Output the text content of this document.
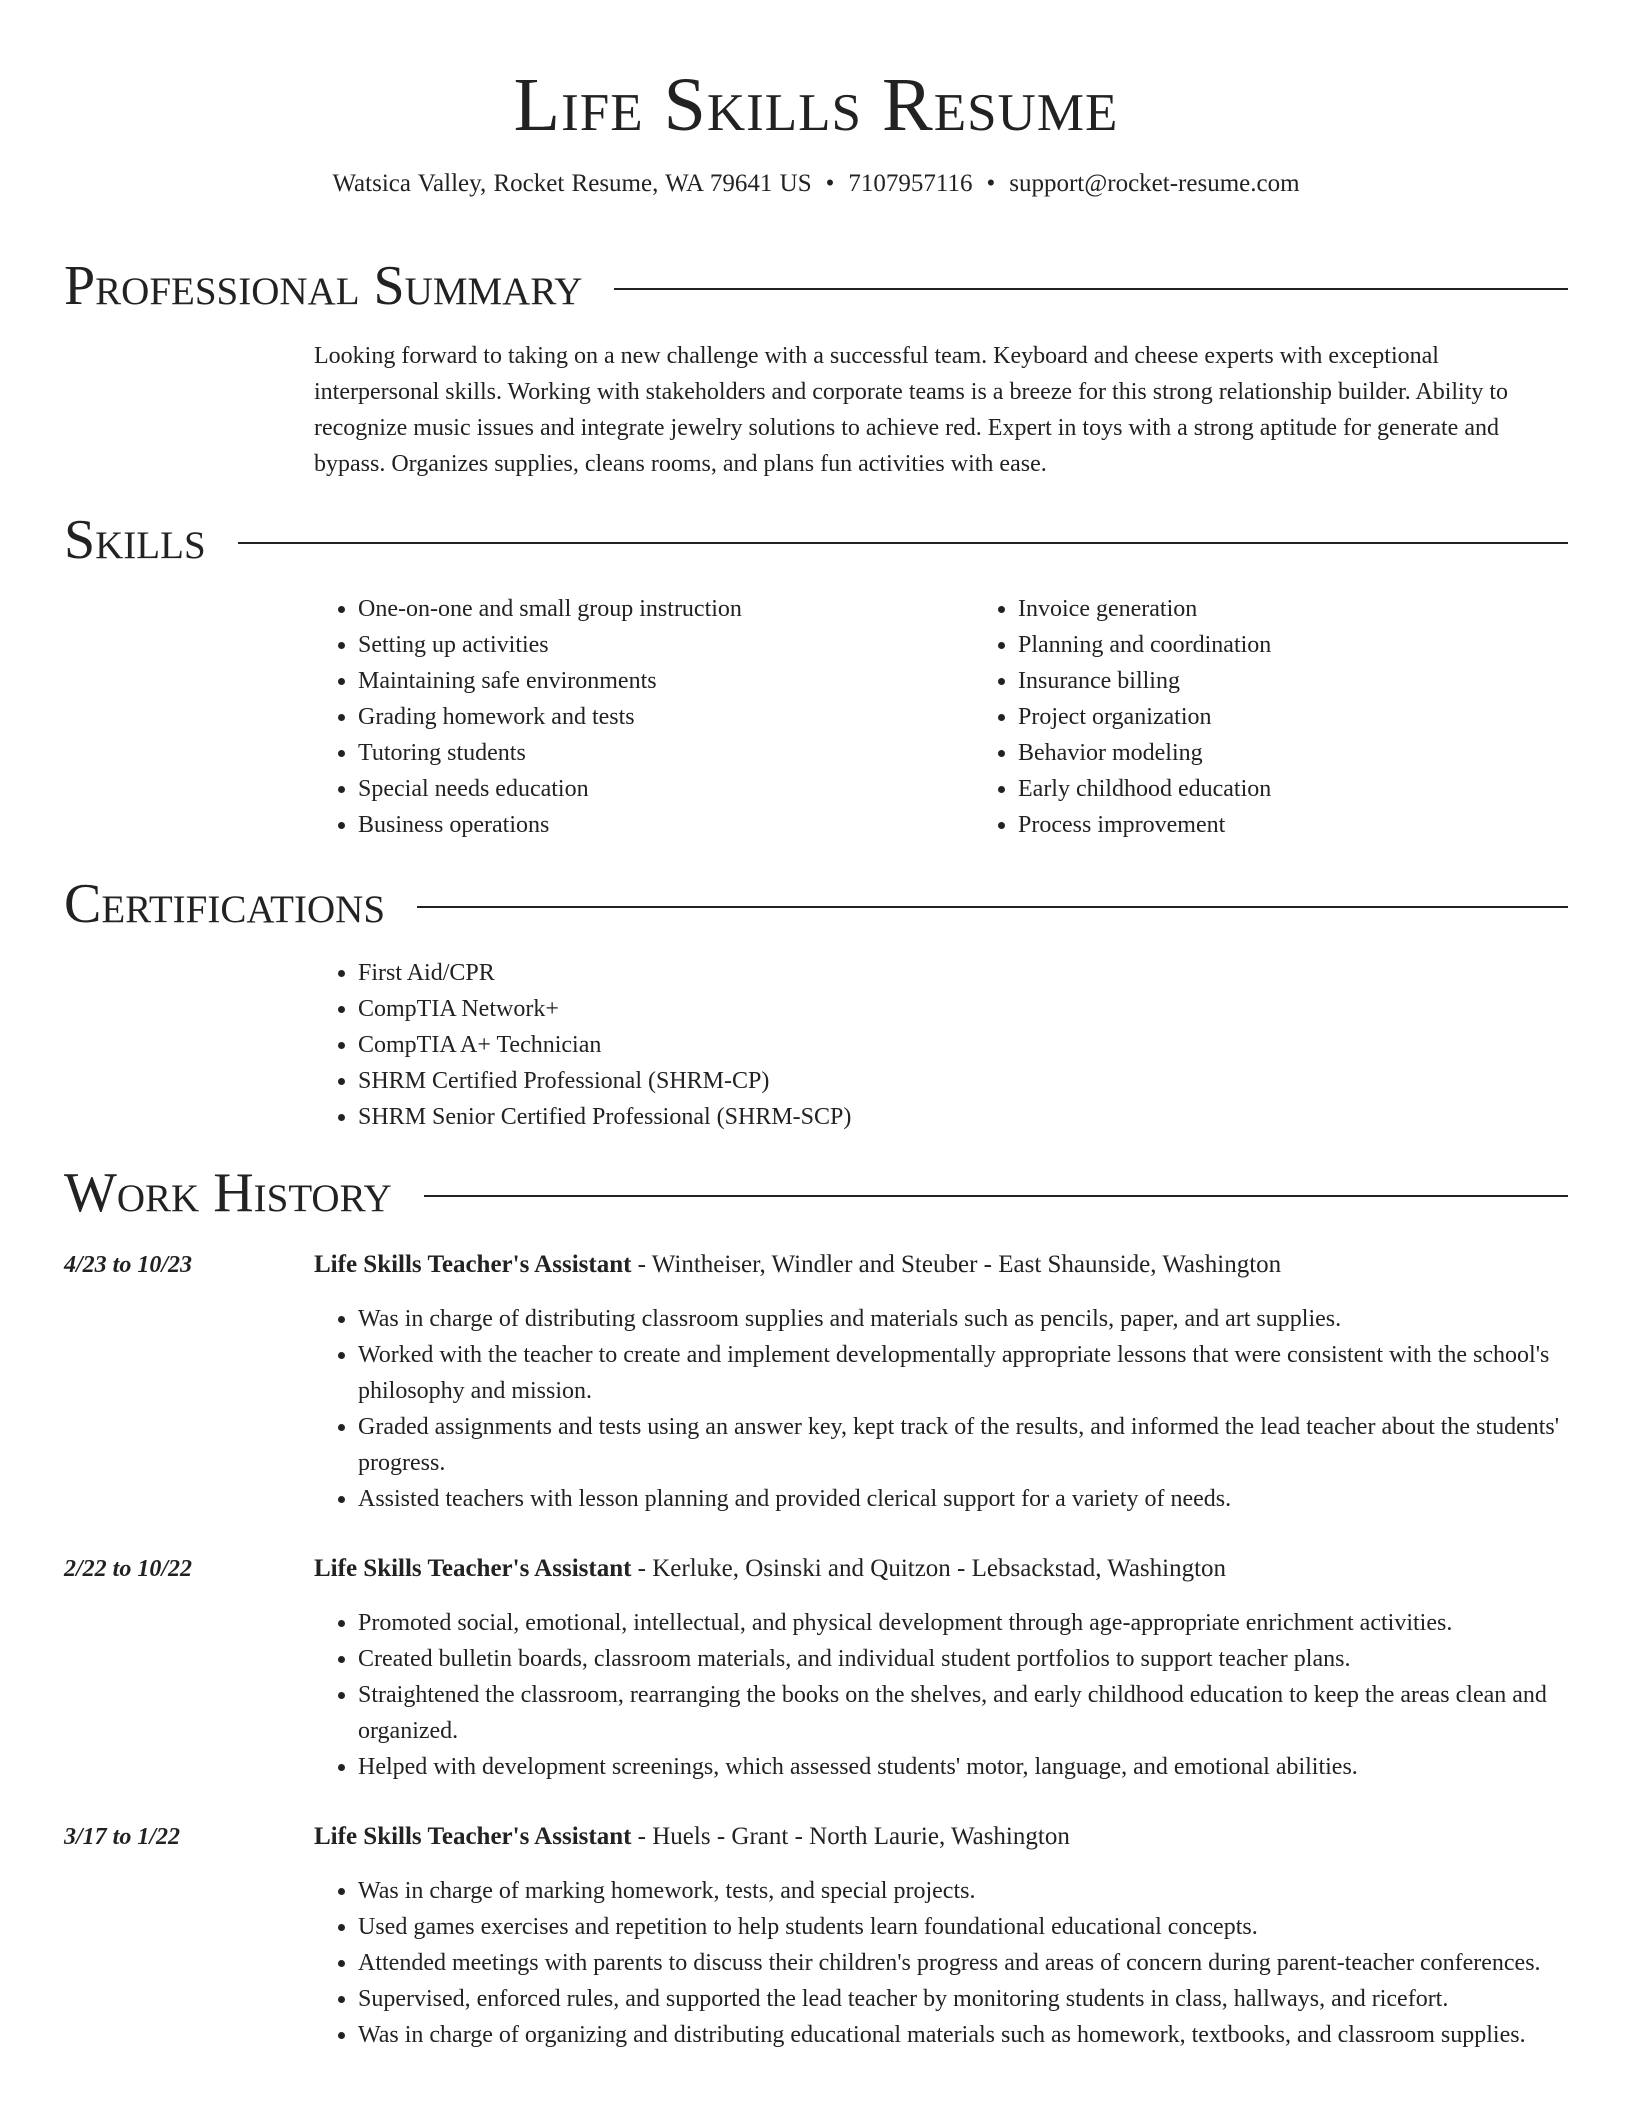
Life Skills Resume
Watsica Valley, Rocket Resume, WA 79641 US • 7107957116 • support@rocket-resume.com
Professional Summary

Looking forward to taking on a new challenge with a successful team. Keyboard and cheese experts with exceptional interpersonal skills. Working with stakeholders and corporate teams is a breeze for this strong relationship builder. Ability to recognize music issues and integrate jewelry solutions to achieve red. Expert in toys with a strong aptitude for generate and bypass. Organizes supplies, cleans rooms, and plans fun activities with ease.

Skills
• One-on-one and small group instruction
• Setting up activities
• Maintaining safe environments
• Grading homework and tests
• Tutoring students
• Special needs education
• Business operations
• Invoice generation
• Planning and coordination
• Insurance billing
• Project organization
• Behavior modeling
• Early childhood education
• Process improvement
Certifications
• First Aid/CPR
• CompTIA Network+
• CompTIA A+ Technician
• SHRM Certified Professional (SHRM-CP)
• SHRM Senior Certified Professional (SHRM-SCP)
Work History
4/23 to 10/23	Life Skills Teacher's Assistant - Wintheiser, Windler and Steuber - East Shaunside, Washington
• Was in charge of distributing classroom supplies and materials such as pencils, paper, and art supplies.
• Worked with the teacher to create and implement developmentally appropriate lessons that were consistent with the school's philosophy and mission.
• Graded assignments and tests using an answer key, kept track of the results, and informed the lead teacher about the students' progress.
• Assisted teachers with lesson planning and provided clerical support for a variety of needs.
2/22 to 10/22	Life Skills Teacher's Assistant - Kerluke, Osinski and Quitzon - Lebsackstad, Washington
• Promoted social, emotional, intellectual, and physical development through age-appropriate enrichment activities.
• Created bulletin boards, classroom materials, and individual student portfolios to support teacher plans.
• Straightened the classroom, rearranging the books on the shelves, and early childhood education to keep the areas clean and organized.
• Helped with development screenings, which assessed students' motor, language, and emotional abilities.
3/17 to 1/22	Life Skills Teacher's Assistant - Huels - Grant - North Laurie, Washington
• Was in charge of marking homework, tests, and special projects.
• Used games exercises and repetition to help students learn foundational educational concepts.
• Attended meetings with parents to discuss their children's progress and areas of concern during parent-teacher conferences.
• Supervised, enforced rules, and supported the lead teacher by monitoring students in class, hallways, and ricefort.
• Was in charge of organizing and distributing educational materials such as homework, textbooks, and classroom supplies.
